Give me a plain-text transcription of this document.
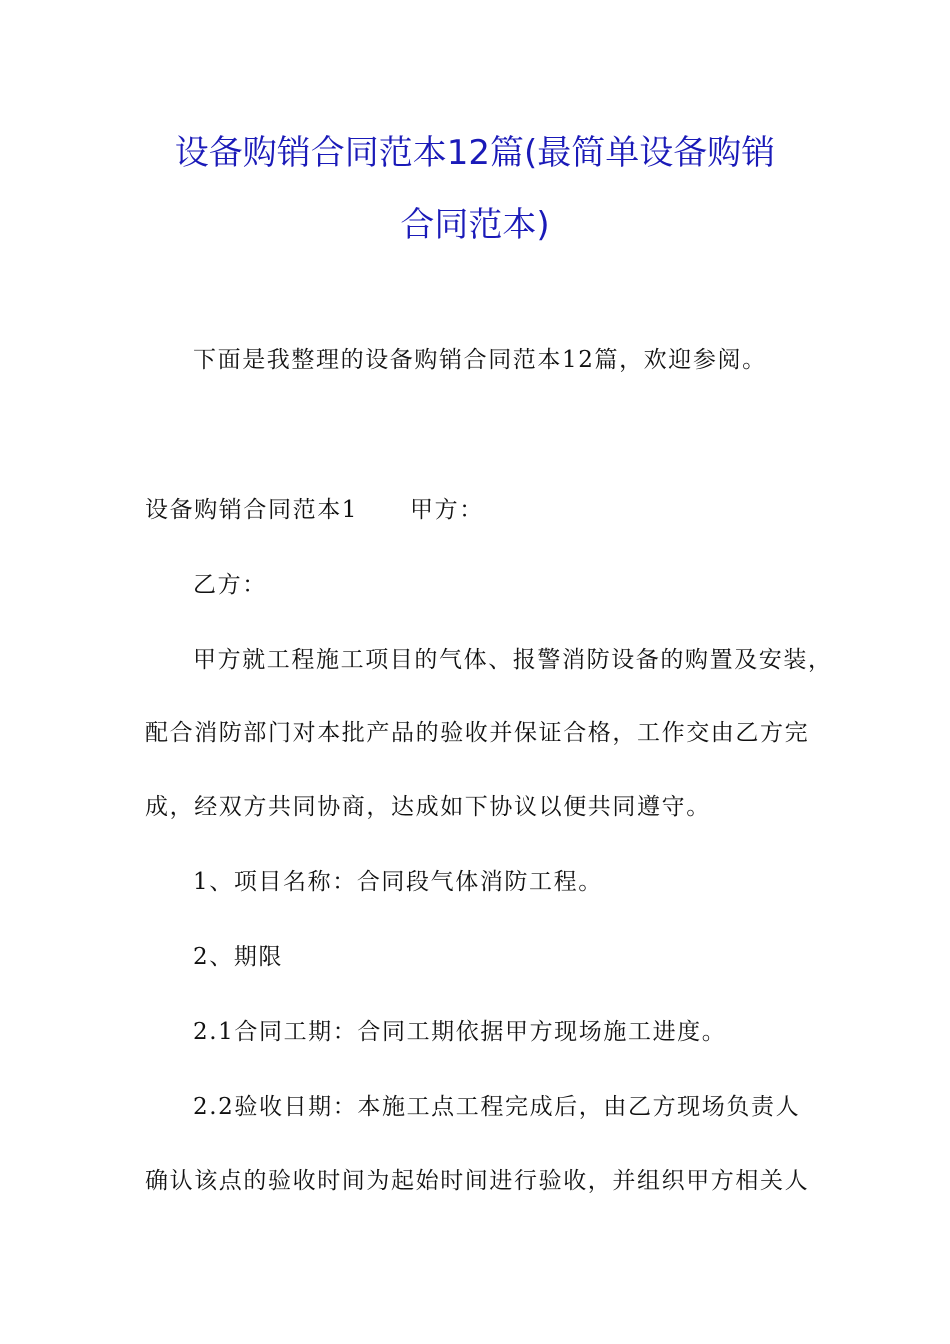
设备购销合同范本12篇(最简单设备购销
合同范本)
下面是我整理的设备购销合同范本12篇，欢迎参阅。
设备购销合同范本1 甲方：
乙方：
甲方就工程施工项目的气体、报警消防设备的购置及安装，
配合消防部门对本批产品的验收并保证合格，工作交由乙方完
成，经双方共同协商，达成如下协议以便共同遵守。
1、项目名称：合同段气体消防工程。
2、期限
2.1合同工期：合同工期依据甲方现场施工进度。
2.2验收日期：本施工点工程完成后，由乙方现场负责人
确认该点的验收时间为起始时间进行验收，并组织甲方相关人
